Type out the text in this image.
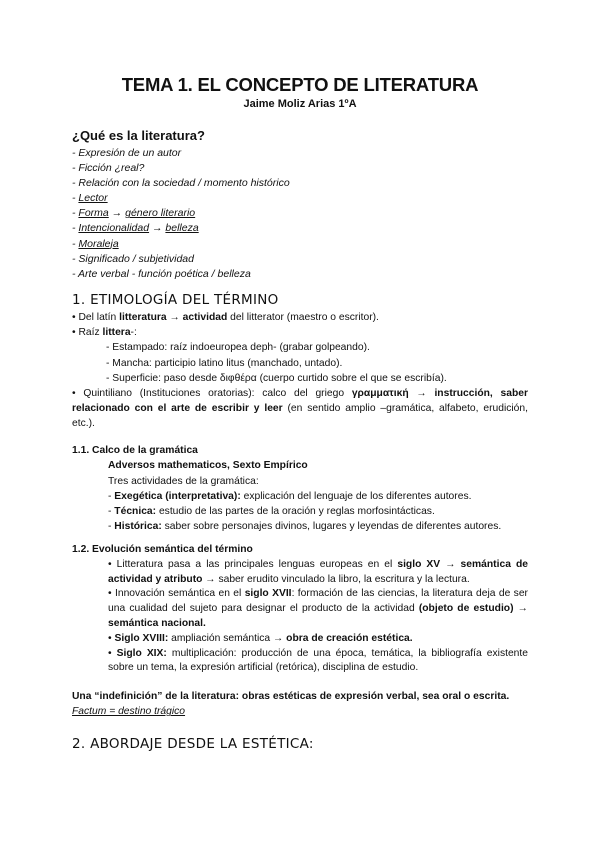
TEMA 1. EL CONCEPTO DE LITERATURA
Jaime Moliz Arias 1ºA
¿Qué es la literatura?
- Expresión de un autor
- Ficción ¿real?
- Relación con la sociedad / momento histórico
- Lector
- Forma → género literario
- Intencionalidad → belleza
- Moraleja
- Significado / subjetividad
- Arte verbal - función poética / belleza
1. ETIMOLOGÍA DEL TÉRMINO
• Del latín litteratura → actividad del litterator (maestro o escritor).
• Raíz littera-:
- Estampado: raíz indoeuropea deph- (grabar golpeando).
- Mancha: participio latino litus (manchado, untado).
- Superficie: paso desde διφθέρα (cuerpo curtido sobre el que se escribía).
• Quintiliano (Instituciones oratorias): calco del griego γραμματική → instrucción, saber relacionado con el arte de escribir y leer (en sentido amplio –gramática, alfabeto, erudición, etc.).
1.1. Calco de la gramática
Adversos mathematicos, Sexto Empírico
Tres actividades de la gramática:
- Exegética (interpretativa): explicación del lenguaje de los diferentes autores.
- Técnica: estudio de las partes de la oración y reglas morfosintácticas.
- Histórica: saber sobre personajes divinos, lugares y leyendas de diferentes autores.
1.2. Evolución semántica del término
• Litteratura pasa a las principales lenguas europeas en el siglo XV → semántica de actividad y atributo → saber erudito vinculado la libro, la escritura y la lectura.
• Innovación semántica en el siglo XVII: formación de las ciencias, la literatura deja de ser una cualidad del sujeto para designar el producto de la actividad (objeto de estudio) → semántica nacional.
• Siglo XVIII: ampliación semántica → obra de creación estética.
• Siglo XIX: multiplicación: producción de una época, temática, la bibliografía existente sobre un tema, la expresión artificial (retórica), disciplina de estudio.
Una “indefinición” de la literatura: obras estéticas de expresión verbal, sea oral o escrita.
Factum = destino trágico
2. ABORDAJE DESDE LA ESTÉTICA:
